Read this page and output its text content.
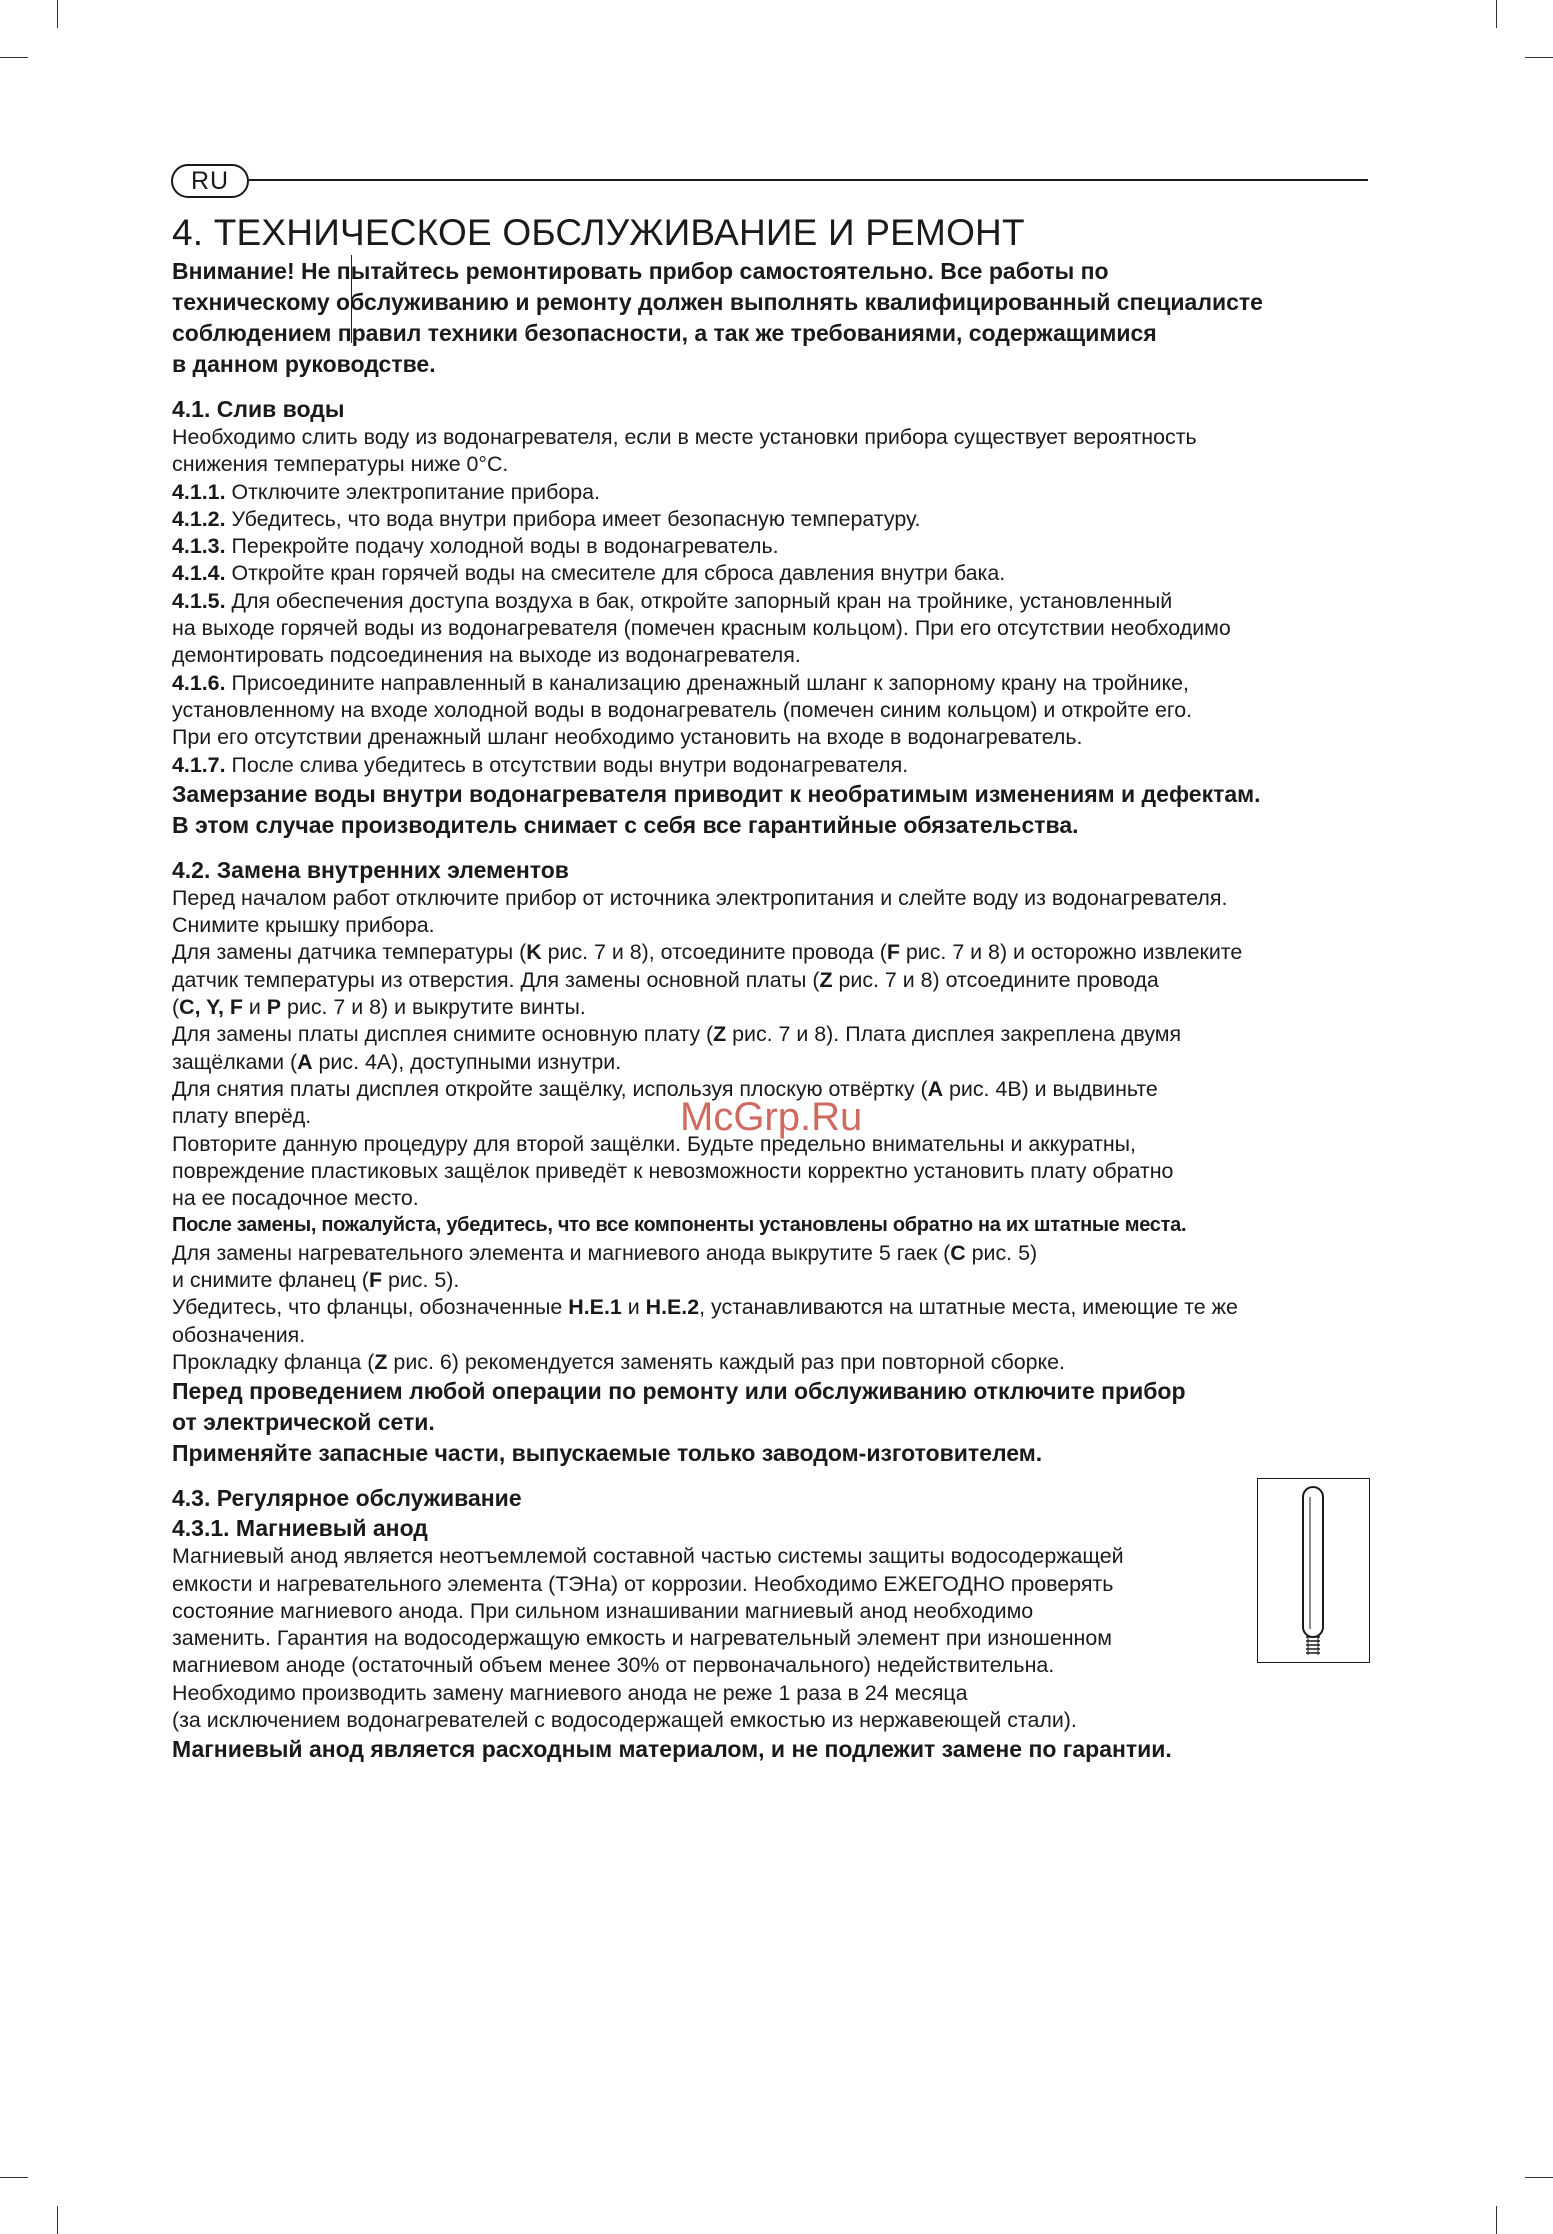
RU
4. ТЕХНИЧЕСКОЕ ОБСЛУЖИВАНИЕ И РЕМОНТ
Внимание! Не пытайтесь ремонтировать прибор самостоятельно. Все работы по
техническому обслуживанию и ремонту должен выполнять квалифицированный специалисте
соблюдением правил техники безопасности, а так же требованиями, содержащимися
в данном руководстве.
4.1. Слив воды
Необходимо слить воду из водонагревателя, если в месте установки прибора существует вероятность
снижения температуры ниже 0°С.
4.1.1. Отключите электропитание прибора.
4.1.2. Убедитесь, что вода внутри прибора имеет безопасную температуру.
4.1.3. Перекройте подачу холодной воды в водонагреватель.
4.1.4. Откройте кран горячей воды на смесителе для сброса давления внутри бака.
4.1.5. Для обеспечения доступа воздуха в бак, откройте запорный кран на тройнике, установленный
на выходе горячей воды из водонагревателя (помечен красным кольцом). При его отсутствии необходимо
демонтировать подсоединения на выходе из водонагревателя.
4.1.6. Присоедините направленный в канализацию дренажный шланг к запорному крану на тройнике,
установленному на входе холодной воды в водонагреватель (помечен синим кольцом) и откройте его.
При его отсутствии дренажный шланг необходимо установить на входе в водонагреватель.
4.1.7. После слива убедитесь в отсутствии воды внутри водонагревателя.
Замерзание воды внутри водонагревателя приводит к необратимым изменениям и дефектам.
В этом случае производитель снимает с себя все гарантийные обязательства.
4.2. Замена внутренних элементов
Перед началом работ отключите прибор от источника электропитания и слейте воду из водонагревателя.
Снимите крышку прибора.
Для замены датчика температуры (K рис. 7 и 8), отсоедините провода (F рис. 7 и 8) и осторожно извлеките
датчик температуры из отверстия. Для замены основной платы (Z рис. 7 и 8) отсоедините провода
(C, Y, F и P рис. 7 и 8) и выкрутите винты.
Для замены платы дисплея снимите основную плату (Z рис. 7 и 8). Плата дисплея закреплена двумя
защёлками (A рис. 4А), доступными изнутри.
Для снятия платы дисплея откройте защёлку, используя плоскую отвёртку (A рис. 4В) и выдвиньте
плату вперёд.
Повторите данную процедуру для второй защёлки. Будьте предельно внимательны и аккуратны,
повреждение пластиковых защёлок приведёт к невозможности корректно установить плату обратно
на ее посадочное место.
После замены, пожалуйста, убедитесь, что все компоненты установлены обратно на их штатные места.
Для замены нагревательного элемента и магниевого анода выкрутите 5 гаек (C рис. 5)
и снимите фланец (F рис. 5).
Убедитесь, что фланцы, обозначенные H.E.1 и H.E.2, устанавливаются на штатные места, имеющие те же
обозначения.
Прокладку фланца (Z рис. 6) рекомендуется заменять каждый раз при повторной сборке.
Перед проведением любой операции по ремонту или обслуживанию отключите прибор
от электрической сети.
Применяйте запасные части, выпускаемые только заводом-изготовителем.
4.3. Регулярное обслуживание
4.3.1. Магниевый анод
Магниевый анод является неотъемлемой составной частью системы защиты водосодержащей
емкости и нагревательного элемента (ТЭНа) от коррозии. Необходимо ЕЖЕГОДНО проверять
состояние магниевого анода. При сильном изнашивании магниевый анод необходимо
заменить. Гарантия на водосодержащую емкость и нагревательный элемент при изношенном
магниевом аноде (остаточный объем менее 30% от первоначального) недействительна.
Необходимо производить замену магниевого анода не реже 1 раза в 24 месяца
(за исключением водонагревателей с водосодержащей емкостью из нержавеющей стали).
Магниевый анод является расходным материалом, и не подлежит замене по гарантии.
McGrp.Ru
